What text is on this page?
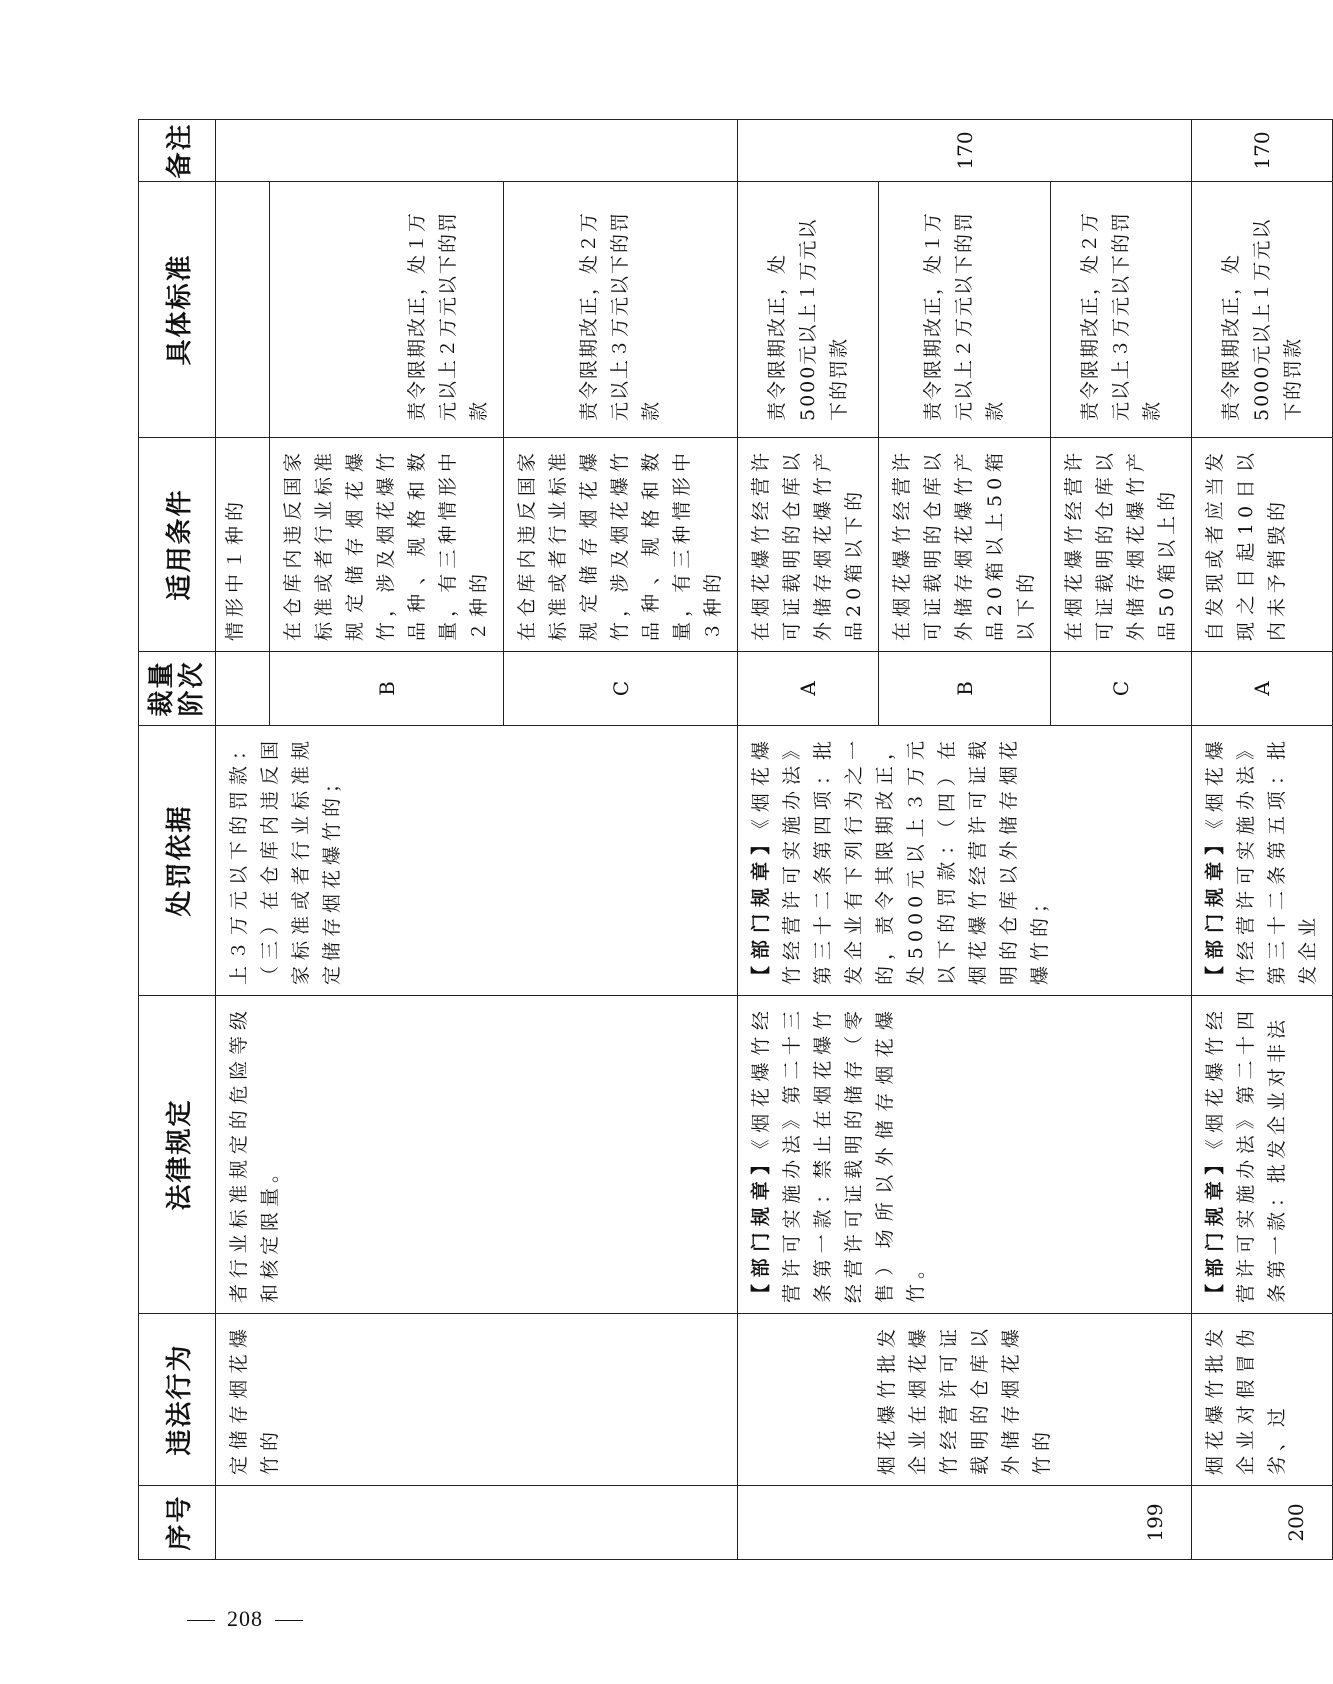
序号	违法行为	法律规定	处罚依据	裁量 阶次	适用条件	具体标准	备注

	定储存烟花爆竹的	者行业标准规定的危险等级和核定限量。	上３万元以下的罚款：（三）在仓库内违反国家标准或者行业标准规定储存烟花爆竹的；		情形中１种的		

				B	在仓库内违反国家标准或者行业标准规定储存烟花爆竹，涉及烟花爆竹品种、规格和数量，有三种情形中２种的	责令限期改正，处１万元以上２万元以下的罚款	

				C	在仓库内违反国家标准或者行业标准规定储存烟花爆竹，涉及烟花爆竹品种、规格和数量，有三种情形中３种的	责令限期改正，处２万元以上３万元以下的罚款	

199	烟花爆竹批发企业在烟花爆竹经营许可证载明的仓库以外储存烟花爆竹的	【部门规章】《烟花爆竹经营许可实施办法》第二十三条第一款：禁止在烟花爆竹经营许可证载明的储存（零售）场所以外储存烟花爆竹。	【部门规章】《烟花爆竹经营许可实施办法》第三十二条第四项：批发企业有下列行为之一的，责令其限期改正，处5000元以上３万元以下的罚款：（四）在烟花爆竹经营许可证载明的仓库以外储存烟花爆竹的；	A	在烟花爆竹经营许可证载明的仓库以外储存烟花爆竹产品20箱以下的	责令限期改正，处5000元以上１万元以下的罚款	170
				B	在烟花爆竹经营许可证载明的仓库以外储存烟花爆竹产品20箱以上50箱以下的	责令限期改正，处１万元以上２万元以下的罚款	

				C	在烟花爆竹经营许可证载明的仓库以外储存烟花爆竹产品50箱以上的	责令限期改正，处２万元以上３万元以下的罚款	

200	烟花爆竹批发企业对假冒伪劣、过	【部门规章】《烟花爆竹经营许可实施办法》第二十四条第一款：批发企业对非法	【部门规章】《烟花爆竹经营许可实施办法》第三十二条第五项：批发企业	A	自发现或者应当发现之日起10日以内未予销毁的	责令限期改正，处5000元以上１万元以下的罚款	170
208
